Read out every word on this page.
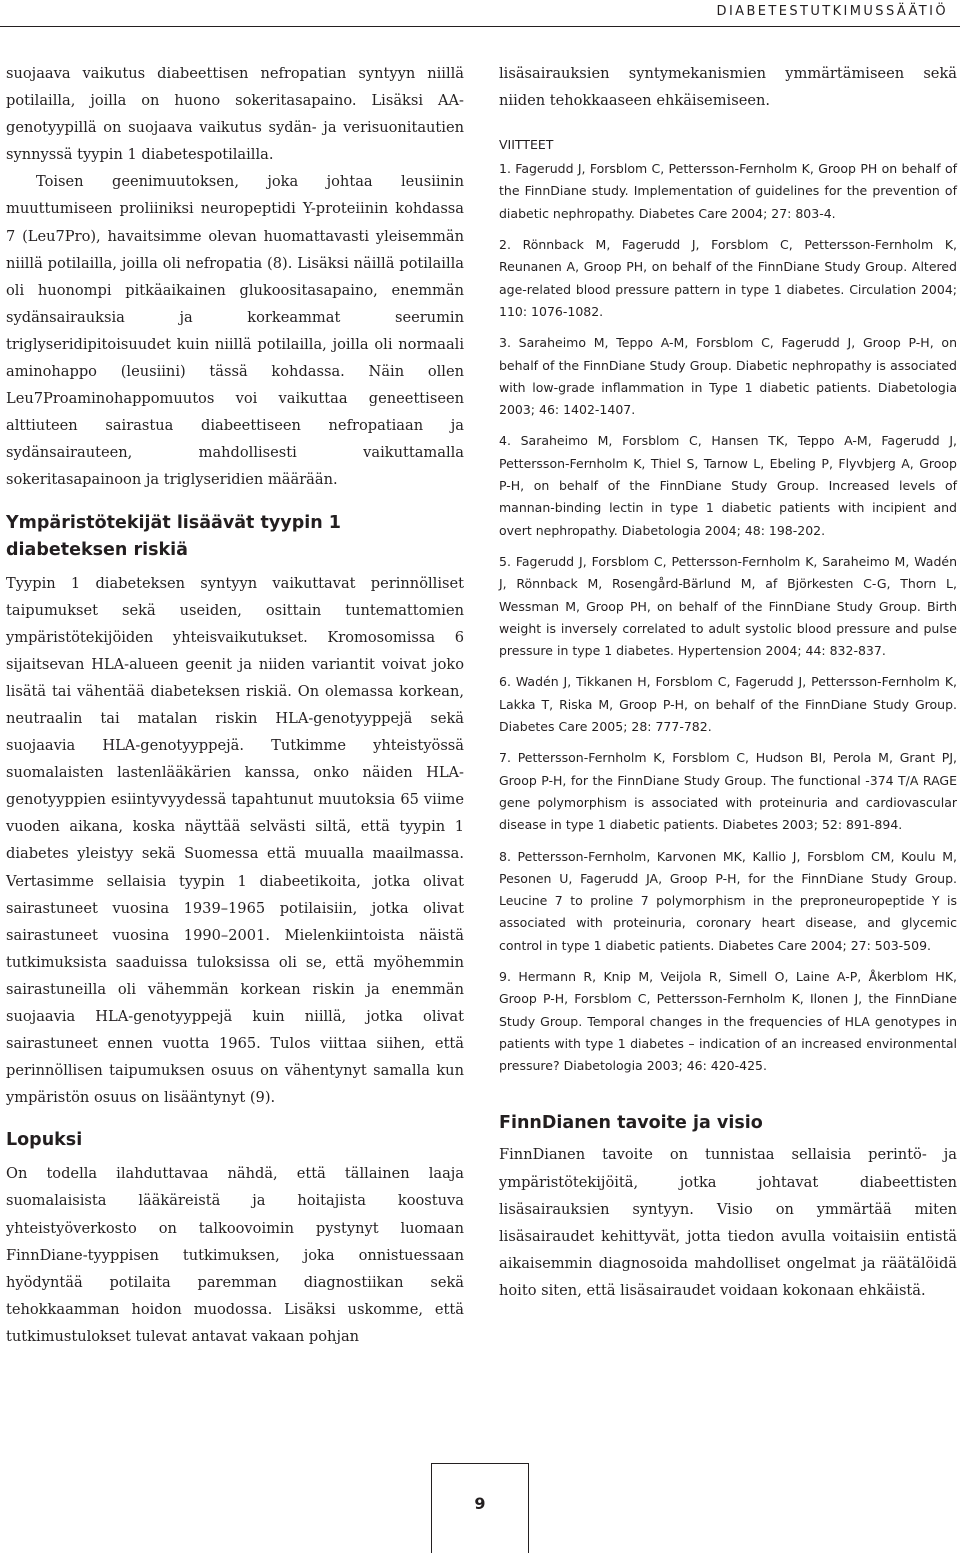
DIABETESTUTKIMUSSÄÄTIÖ

suojaava vaikutus diabeettisen nefropatian syntyyn niillä potilailla, joilla on huono sokeritasapaino. Lisäksi AA-genotyypillä on suojaava vaikutus sydän- ja verisuonitautien synnyssä tyypin 1 diabetespotilailla.

Toisen geenimuutoksen, joka johtaa leusiinin muuttumiseen proliiniksi neuropeptidi Y-proteiinin kohdassa 7 (Leu7Pro), havaitsimme olevan huomattavasti yleisemmän niillä potilailla, joilla oli nefropatia (8). Lisäksi näillä potilailla oli huonompi pitkäaikainen glukoositasapaino, enemmän sydänsairauksia ja korkeammat seerumin triglyseridipitoisuudet kuin niillä potilailla, joilla oli normaali aminohappo (leusiini) tässä kohdassa. Näin ollen Leu7Proaminohappomuutos voi vaikuttaa geneettiseen alttiuteen sairastua diabeettiseen nefropatiaan ja sydänsairauteen, mahdollisesti vaikuttamalla sokeritasapainoon ja triglyseridien määrään.

Ympäristötekijät lisäävät tyypin 1 diabeteksen riskiä

Tyypin 1 diabeteksen syntyyn vaikuttavat perinnölliset taipumukset sekä useiden, osittain tuntemattomien ympäristötekijöiden yhteisvaikutukset. Kromosomissa 6 sijaitsevan HLA-alueen geenit ja niiden variantit voivat joko lisätä tai vähentää diabeteksen riskiä. On olemassa korkean, neutraalin tai matalan riskin HLA-genotyyppejä sekä suojaavia HLA-genotyyppejä. Tutkimme yhteistyössä suomalaisten lastenlääkärien kanssa, onko näiden HLA-genotyyppien esiintyvyydessä tapahtunut muutoksia 65 viime vuoden aikana, koska näyttää selvästi siltä, että tyypin 1 diabetes yleistyy sekä Suomessa että muualla maailmassa. Vertasimme sellaisia tyypin 1 diabeetikoita, jotka olivat sairastuneet vuosina 1939–1965 potilaisiin, jotka olivat sairastuneet vuosina 1990–2001. Mielenkiintoista näistä tutkimuksista saaduissa tuloksissa oli se, että myöhemmin sairastuneilla oli vähemmän korkean riskin ja enemmän suojaavia HLA-genotyyppejä kuin niillä, jotka olivat sairastuneet ennen vuotta 1965. Tulos viittaa siihen, että perinnöllisen taipumuksen osuus on vähentynyt samalla kun ympäristön osuus on lisääntynyt (9).

Lopuksi

On todella ilahduttavaa nähdä, että tällainen laaja suomalaisista lääkäreistä ja hoitajista koostuva yhteistyöverkosto on talkoovoimin pystynyt luomaan FinnDiane-tyyppisen tutkimuksen, joka onnistuessaan hyödyntää potilaita paremman diagnostiikan sekä tehokkaamman hoidon muodossa. Lisäksi uskomme, että tutkimustulokset tulevat antavat vakaan pohjan

lisäsairauksien syntymekanismien ymmärtämiseen sekä niiden tehokkaaseen ehkäisemiseen.

VIITTEET

1. Fagerudd J, Forsblom C, Pettersson-Fernholm K, Groop PH on behalf of the FinnDiane study. Implementation of guidelines for the prevention of diabetic nephropathy. Diabetes Care 2004; 27: 803-4.

2. Rönnback M, Fagerudd J, Forsblom C, Pettersson-Fernholm K, Reunanen A, Groop PH, on behalf of the FinnDiane Study Group. Altered age-related blood pressure pattern in type 1 diabetes. Circulation 2004; 110: 1076-1082.

3. Saraheimo M, Teppo A-M, Forsblom C, Fagerudd J, Groop P-H, on behalf of the FinnDiane Study Group. Diabetic nephropathy is associated with low-grade inflammation in Type 1 diabetic patients. Diabetologia 2003; 46: 1402-1407.

4. Saraheimo M, Forsblom C, Hansen TK, Teppo A-M, Fagerudd J, Pettersson-Fernholm K, Thiel S, Tarnow L, Ebeling P, Flyvbjerg A, Groop P-H, on behalf of the FinnDiane Study Group. Increased levels of mannan-binding lectin in type 1 diabetic patients with incipient and overt nephropathy. Diabetologia 2004; 48: 198-202.

5. Fagerudd J, Forsblom C, Pettersson-Fernholm K, Saraheimo M, Wadén J, Rönnback M, Rosengård-Bärlund M, af Björkesten C-G, Thorn L, Wessman M, Groop PH, on behalf of the FinnDiane Study Group. Birth weight is inversely correlated to adult systolic blood pressure and pulse pressure in type 1 diabetes. Hypertension 2004; 44: 832-837.

6. Wadén J, Tikkanen H, Forsblom C, Fagerudd J, Pettersson-Fernholm K, Lakka T, Riska M, Groop P-H, on behalf of the FinnDiane Study Group. Diabetes Care 2005; 28: 777-782.

7. Pettersson-Fernholm K, Forsblom C, Hudson BI, Perola M, Grant PJ, Groop P-H, for the FinnDiane Study Group. The functional -374 T/A RAGE gene polymorphism is associated with proteinuria and cardiovascular disease in type 1 diabetic patients. Diabetes 2003; 52: 891-894.

8. Pettersson-Fernholm, Karvonen MK, Kallio J, Forsblom CM, Koulu M, Pesonen U, Fagerudd JA, Groop P-H, for the FinnDiane Study Group. Leucine 7 to proline 7 polymorphism in the preproneuropeptide Y is associated with proteinuria, coronary heart disease, and glycemic control in type 1 diabetic patients. Diabetes Care 2004; 27: 503-509.

9. Hermann R, Knip M, Veijola R, Simell O, Laine A-P, Åkerblom HK, Groop P-H, Forsblom C, Pettersson-Fernholm K, Ilonen J, the FinnDiane Study Group. Temporal changes in the frequencies of HLA genotypes in patients with type 1 diabetes – indication of an increased environmental pressure? Diabetologia 2003; 46: 420-425.

FinnDianen tavoite ja visio

FinnDianen tavoite on tunnistaa sellaisia perintö- ja ympäristötekijöitä, jotka johtavat diabeettisten lisäsairauksien syntyyn. Visio on ymmärtää miten lisäsairaudet kehittyvät, jotta tiedon avulla voitaisiin entistä aikaisemmin diagnosoida mahdolliset ongelmat ja räätälöidä hoito siten, että lisäsairaudet voidaan kokonaan ehkäistä.

9
